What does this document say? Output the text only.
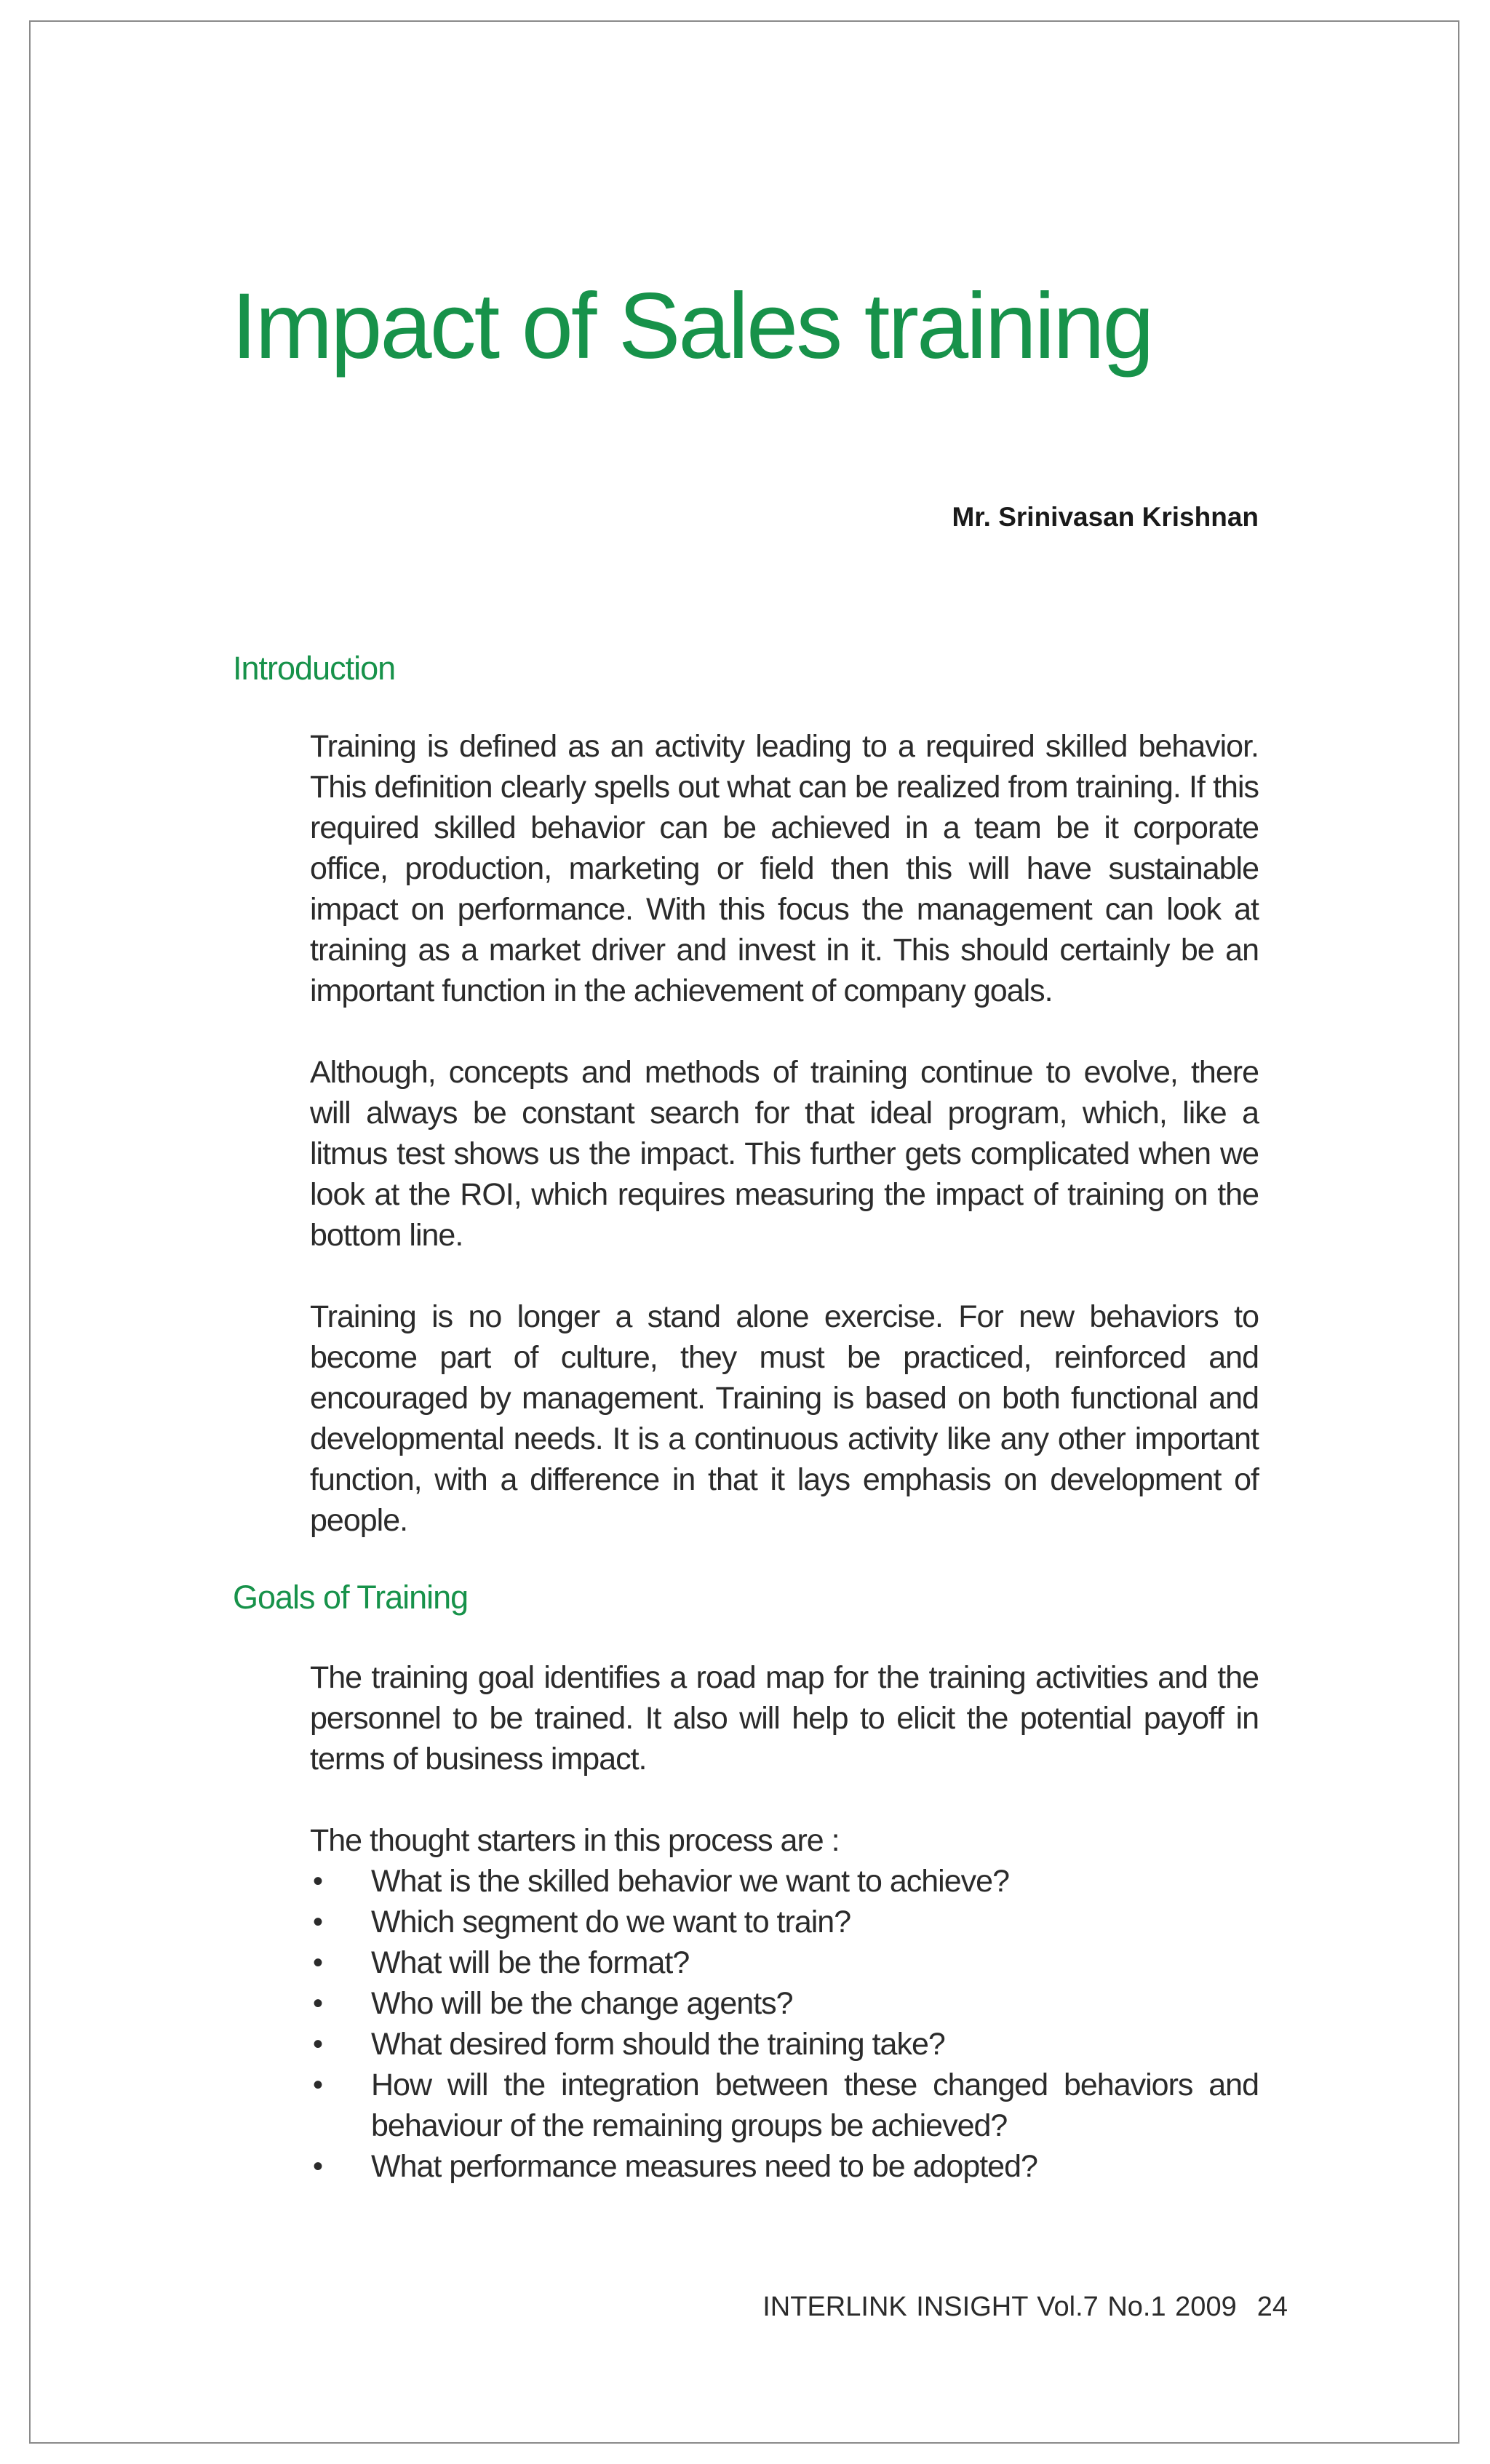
Impact of Sales training
Mr. Srinivasan Krishnan
Introduction

Training is defined as an activity leading to a required skilled behavior. This definition clearly spells out what can be realized from training. If this required skilled behavior can be achieved in a team be it corporate office, production, marketing or field then this will have sustainable impact on performance. With this focus the management can look at training as a market driver and invest in it. This should certainly be an important function in the achievement of company goals.

Although, concepts and methods of training continue to evolve, there will always be constant search for that ideal program, which, like a litmus test shows us the impact. This further gets complicated when we look at the ROI, which requires measuring the impact of training on the bottom line.

Training is no longer a stand alone exercise. For new behaviors to become part of culture, they must be practiced, reinforced and encouraged by management. Training is based on both functional and developmental needs. It is a continuous activity like any other important function, with a difference in that it lays emphasis on development of people.

Goals of Training

The training goal identifies a road map for the training activities and the personnel to be trained. It also will help to elicit the potential payoff in terms of business impact.

The thought starters in this process are :
• What is the skilled behavior we want to achieve?
• Which segment do we want to train?
• What will be the format?
• Who will be the change agents?
• What desired form should the training take?
• How will the integration between these changed behaviors and behaviour of the remaining groups be achieved?
• What performance measures need to be adopted?
INTERLINK INSIGHT Vol.7 No.1 2009 24
